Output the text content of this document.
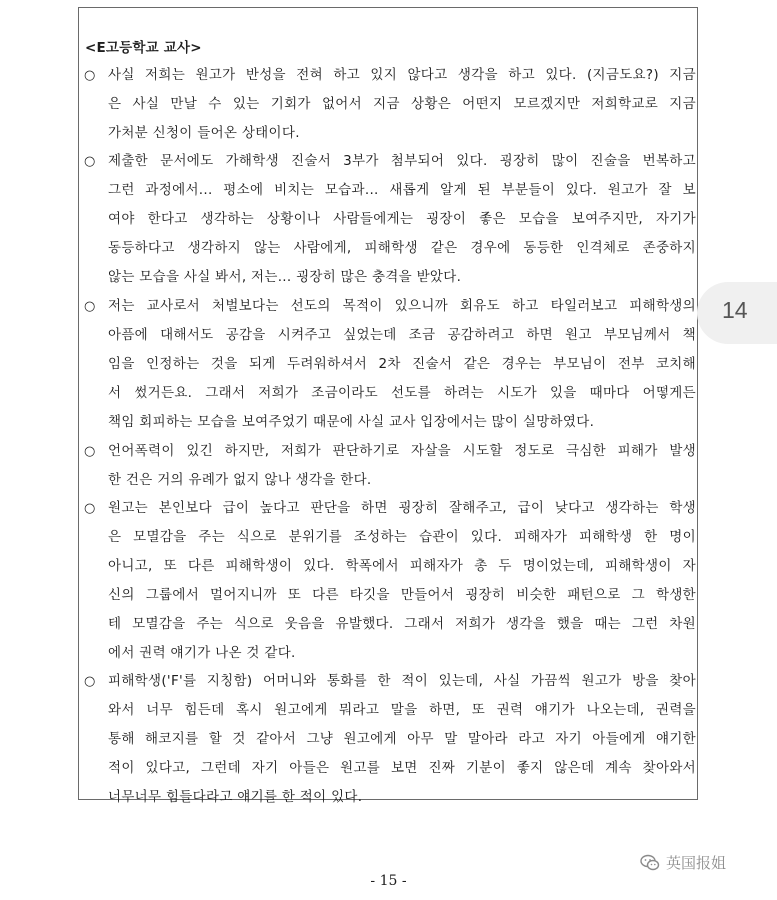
<E고등학교 교사>
○ 사실 저희는 원고가 반성을 전혀 하고 있지 않다고 생각을 하고 있다. (지금도요?) 지금
은 사실 만날 수 있는 기회가 없어서 지금 상황은 어떤지 모르겠지만 저희학교로 지금
가처분 신청이 들어온 상태이다.
○ 제출한 문서에도 가해학생 진술서 3부가 첨부되어 있다. 굉장히 많이 진술을 번복하고
그런 과정에서... 평소에 비치는 모습과... 새롭게 알게 된 부분들이 있다. 원고가 잘 보
여야 한다고 생각하는 상황이나 사람들에게는 굉장이 좋은 모습을 보여주지만, 자기가
동등하다고 생각하지 않는 사람에게, 피해학생 같은 경우에 동등한 인격체로 존중하지
않는 모습을 사실 봐서, 저는... 굉장히 많은 충격을 받았다.
○ 저는 교사로서 처벌보다는 선도의 목적이 있으니까 회유도 하고 타일러보고 피해학생의
아픔에 대해서도 공감을 시켜주고 싶었는데 조금 공감하려고 하면 원고 부모님께서 책
임을 인정하는 것을 되게 두려워하셔서 2차 진술서 같은 경우는 부모님이 전부 코치해
서 썼거든요. 그래서 저희가 조금이라도 선도를 하려는 시도가 있을 때마다 어떻게든
책임 회피하는 모습을 보여주었기 때문에 사실 교사 입장에서는 많이 실망하였다.
○ 언어폭력이 있긴 하지만, 저희가 판단하기로 자살을 시도할 정도로 극심한 피해가 발생
한 건은 거의 유례가 없지 않나 생각을 한다.
○ 원고는 본인보다 급이 높다고 판단을 하면 굉장히 잘해주고, 급이 낮다고 생각하는 학생
은 모멸감을 주는 식으로 분위기를 조성하는 습관이 있다. 피해자가 피해학생 한 명이
아니고, 또 다른 피해학생이 있다. 학폭에서 피해자가 총 두 명이었는데, 피해학생이 자
신의 그룹에서 멀어지니까 또 다른 타깃을 만들어서 굉장히 비슷한 패턴으로 그 학생한
테 모멸감을 주는 식으로 웃음을 유발했다. 그래서 저희가 생각을 했을 때는 그런 차원
에서 권력 얘기가 나온 것 같다.
○ 피해학생('F'를 지칭함) 어머니와 통화를 한 적이 있는데, 사실 가끔씩 원고가 방을 찾아
와서 너무 힘든데 혹시 원고에게 뭐라고 말을 하면, 또 권력 얘기가 나오는데, 권력을
통해 해코지를 할 것 같아서 그냥 원고에게 아무 말 말아라 라고 자기 아들에게 얘기한
적이 있다고, 그런데 자기 아들은 원고를 보면 진짜 기분이 좋지 않은데 계속 찾아와서
너무너무 힘들다라고 얘기를 한 적이 있다.
- 15 -
14
英国报姐
